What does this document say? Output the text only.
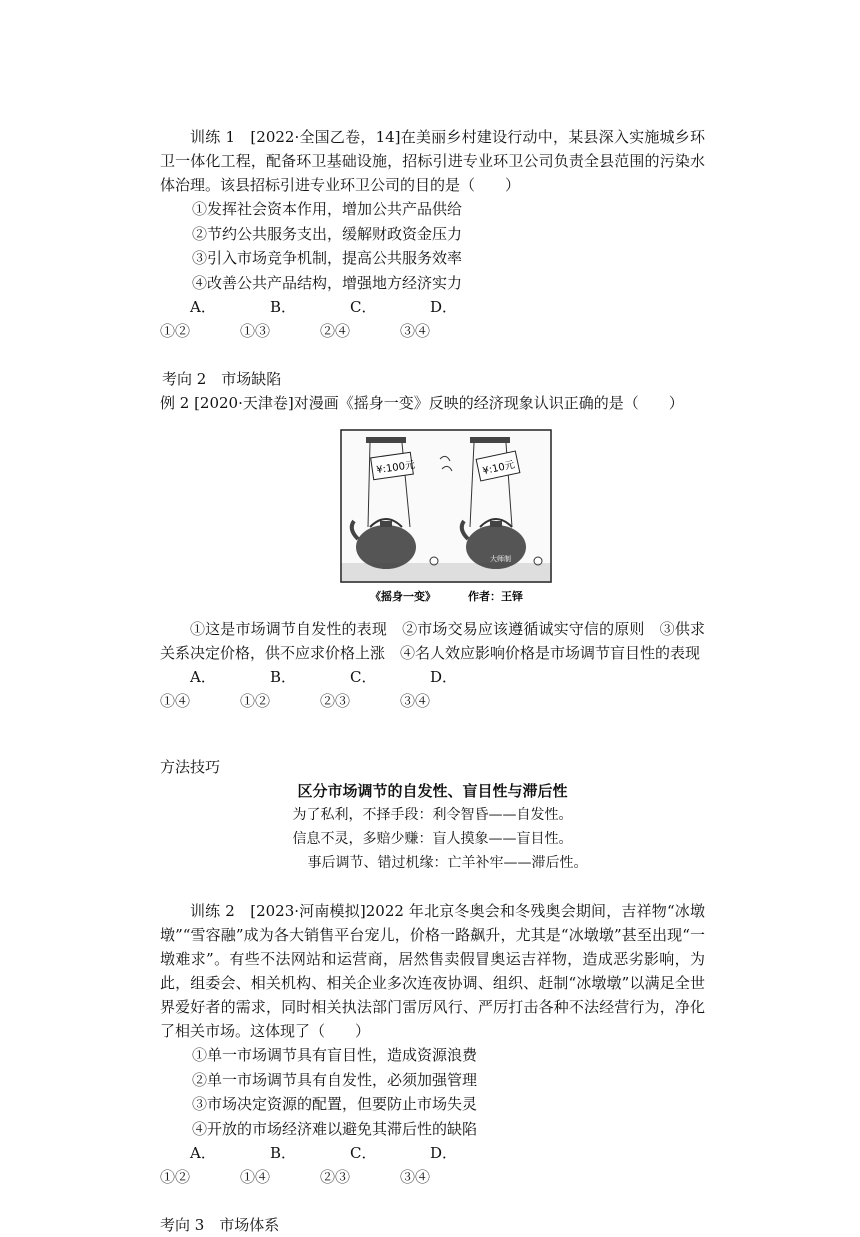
训练 1　[2022·全国乙卷，14]在美丽乡村建设行动中，某县深入实施城乡环卫一体化工程，配备环卫基础设施，招标引进专业环卫公司负责全县范围的污染水体治理。该县招标引进专业环卫公司的目的是（　　）
①发挥社会资本作用，增加公共产品供给
②节约公共服务支出，缓解财政资金压力
③引入市场竞争机制，提高公共服务效率
④改善公共产品结构，增强地方经济实力
A．①②
B．①③
C．②④
D．③④
考向 2　市场缺陷
例 2 [2020·天津卷]对漫画《摇身一变》反映的经济现象认识正确的是（　　）
¥:100元	¥:10元
大师制
《摇身一变》	作者：王铎
①这是市场调节自发性的表现　②市场交易应该遵循诚实守信的原则　③供求关系决定价格，供不应求价格上涨　④名人效应影响价格是市场调节盲目性的表现
A．①④
B．①②
C．②③
D．③④
方法技巧
区分市场调节的自发性、盲目性与滞后性
为了私利，不择手段：利令智昏——自发性。
信息不灵，多赔少赚：盲人摸象——盲目性。
事后调节、错过机缘：亡羊补牢——滞后性。
训练 2　[2023·河南模拟]2022 年北京冬奥会和冬残奥会期间，吉祥物“冰墩墩”“雪容融”成为各大销售平台宠儿，价格一路飙升，尤其是“冰墩墩”甚至出现“一墩难求”。有些不法网站和运营商，居然售卖假冒奥运吉祥物，造成恶劣影响，为此，组委会、相关机构、相关企业多次连夜协调、组织、赶制“冰墩墩”以满足全世界爱好者的需求，同时相关执法部门雷厉风行、严厉打击各种不法经营行为，净化了相关市场。这体现了（　　）
①单一市场调节具有盲目性，造成资源浪费
②单一市场调节具有自发性，必须加强管理
③市场决定资源的配置，但要防止市场失灵
④开放的市场经济难以避免其滞后性的缺陷
A．①②
B．①④
C．②③
D．③④
考向 3　市场体系
